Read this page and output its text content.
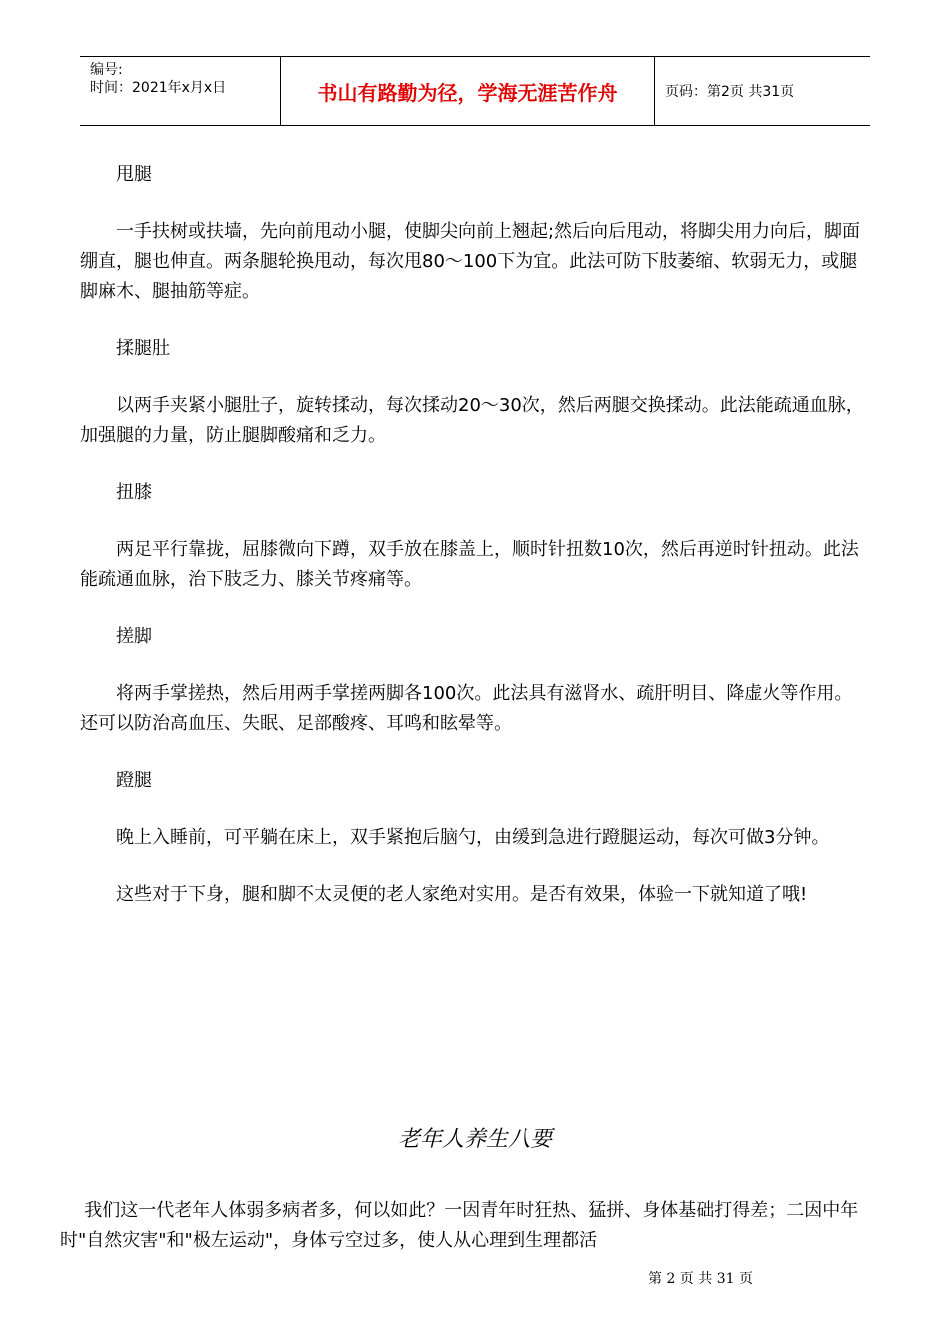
编号:
时间：2021年x月x日	书山有路勤为径，学海无涯苦作舟	页码：第2页 共31页

甩腿

一手扶树或扶墙，先向前甩动小腿，使脚尖向前上翘起;然后向后甩动，将脚尖用力向后，脚面绷直，腿也伸直。两条腿轮换甩动，每次甩80～100下为宜。此法可防下肢萎缩、软弱无力，或腿脚麻木、腿抽筋等症。

揉腿肚

以两手夹紧小腿肚子，旋转揉动，每次揉动20～30次，然后两腿交换揉动。此法能疏通血脉，加强腿的力量，防止腿脚酸痛和乏力。

扭膝

两足平行靠拢，屈膝微向下蹲，双手放在膝盖上，顺时针扭数10次，然后再逆时针扭动。此法能疏通血脉，治下肢乏力、膝关节疼痛等。

搓脚

将两手掌搓热，然后用两手掌搓两脚各100次。此法具有滋肾水、疏肝明目、降虚火等作用。还可以防治高血压、失眠、足部酸疼、耳鸣和眩晕等。

蹬腿

晚上入睡前，可平躺在床上，双手紧抱后脑勺，由缓到急进行蹬腿运动，每次可做3分钟。

这些对于下身，腿和脚不太灵便的老人家绝对实用。是否有效果，体验一下就知道了哦!

老年人养生八要

我们这一代老年人体弱多病者多，何以如此？一因青年时狂热、猛拼、身体基础打得差；二因中年时"自然灾害"和"极左运动"，身体亏空过多，使人从心理到生理都活

第 2 页 共 31 页
